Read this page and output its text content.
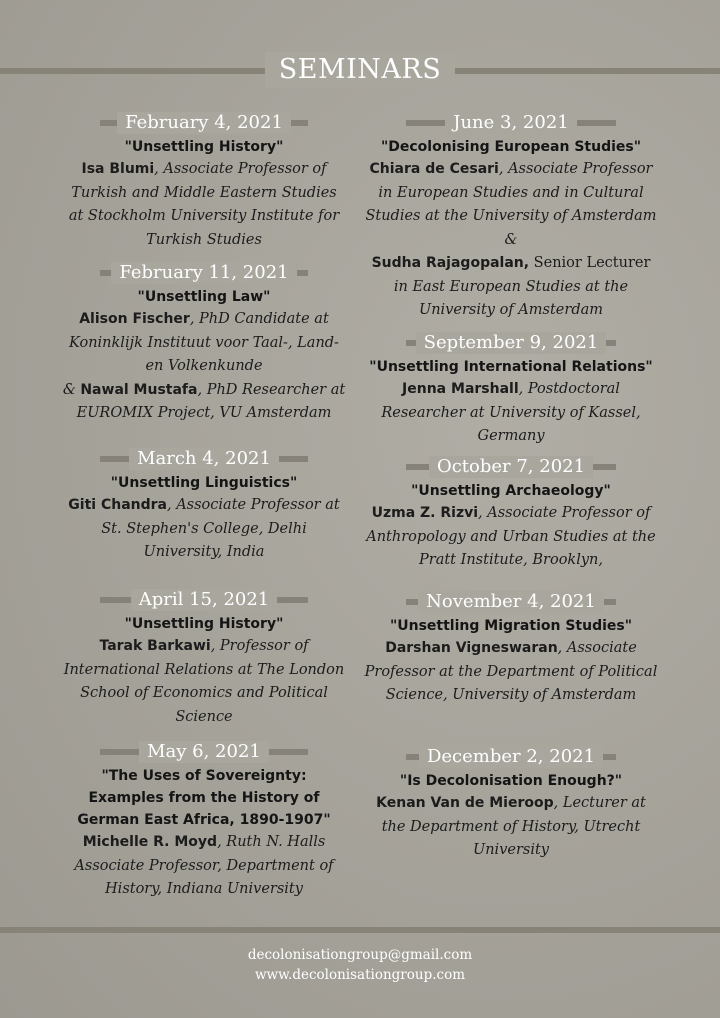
SEMINARS
February 4, 2021
"Unsettling History"
Isa Blumi, Associate Professor of Turkish and Middle Eastern Studies at Stockholm University Institute for Turkish Studies
February 11, 2021
"Unsettling Law"
Alison Fischer, PhD Candidate at Koninklijk Instituut voor Taal-, Land- en Volkenkunde
& Nawal Mustafa, PhD Researcher at EUROMIX Project, VU Amsterdam
March 4, 2021
"Unsettling Linguistics"
Giti Chandra, Associate Professor at St. Stephen's College, Delhi University, India
April 15, 2021
"Unsettling History"
Tarak Barkawi, Professor of International Relations at The London School of Economics and Political Science
May 6, 2021
"The Uses of Sovereignty: Examples from the History of German East Africa, 1890-1907"
Michelle R. Moyd, Ruth N. Halls Associate Professor, Department of History, Indiana University
June 3, 2021
"Decolonising European Studies"
Chiara de Cesari, Associate Professor in European Studies and in Cultural Studies at the University of Amsterdam &
Sudha Rajagopalan, Senior Lecturer in East European Studies at the University of Amsterdam
September 9, 2021
"Unsettling International Relations"
Jenna Marshall, Postdoctoral Researcher at University of Kassel, Germany
October 7, 2021
"Unsettling Archaeology"
Uzma Z. Rizvi, Associate Professor of Anthropology and Urban Studies at the Pratt Institute, Brooklyn,
November 4, 2021
"Unsettling Migration Studies"
Darshan Vigneswaran, Associate Professor at the Department of Political Science, University of Amsterdam
December 2, 2021
"Is Decolonisation Enough?"
Kenan Van de Mieroop, Lecturer at the Department of History, Utrecht University
decolonisationgroup@gmail.com
www.decolonisationgroup.com
